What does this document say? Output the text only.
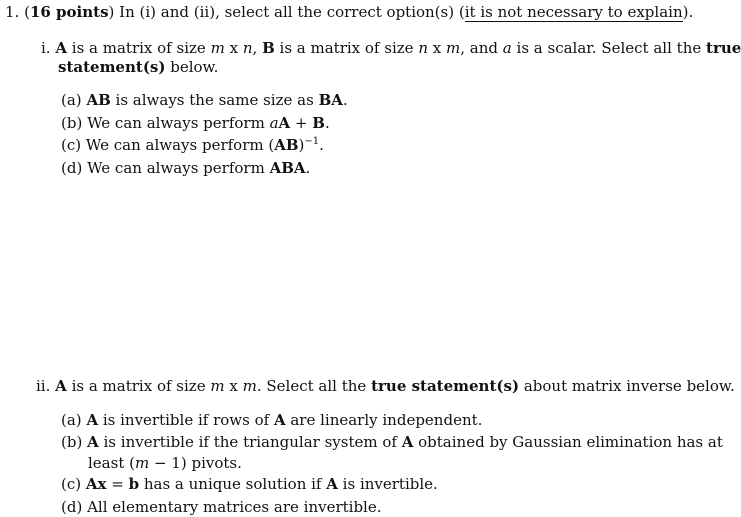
1. (16 points) In (i) and (ii), select all the correct option(s) (it is not necessary to explain).
i. A is a matrix of size m x n, B is a matrix of size n x m, and a is a scalar. Select all the true
statement(s) below.
(a) AB is always the same size as BA.
(b) We can always perform aA + B.
(c) We can always perform (AB)$^{-1}$.
(d) We can always perform ABA.
ii. A is a matrix of size m x m. Select all the true statement(s) about matrix inverse below.
(a) A is invertible if rows of A are linearly independent.
(b) A is invertible if the triangular system of A obtained by Gaussian elimination has at
least (m − 1) pivots.
(c) Ax = b has a unique solution if A is invertible.
(d) All elementary matrices are invertible.
